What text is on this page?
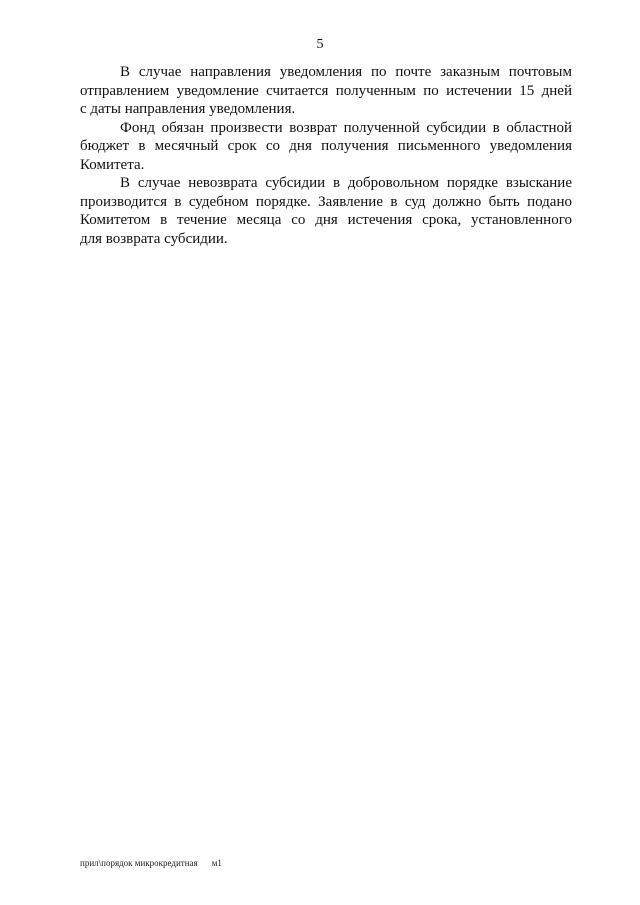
5

В случае направления уведомления по почте заказным почтовым
отправлением уведомление считается полученным по истечении 15 дней
с даты направления уведомления.

Фонд обязан произвести возврат полученной субсидии в областной
бюджет в месячный срок со дня получения письменного уведомления
Комитета.

В случае невозврата субсидии в добровольном порядке взыскание
производится в судебном порядке. Заявление в суд должно быть подано
Комитетом в течение месяца со дня истечения срока, установленного
для возврата субсидии.

прил\порядок микрокредитная м1
